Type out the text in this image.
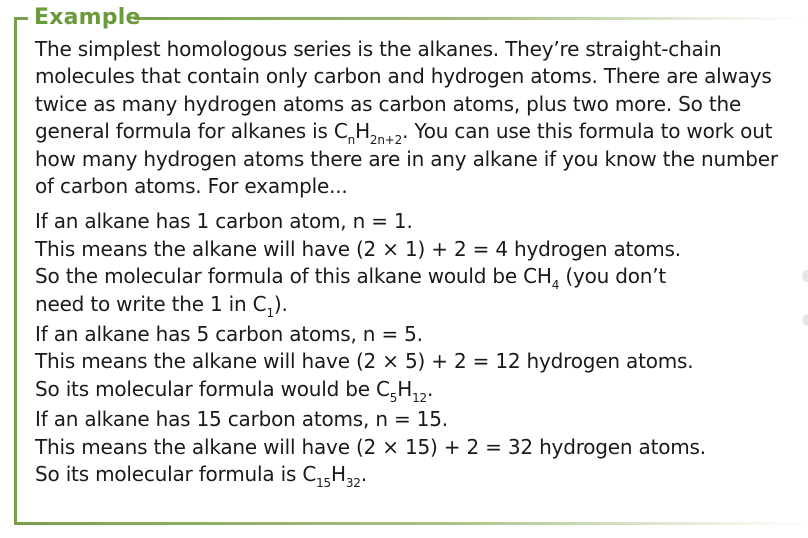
Example
The simplest homologous series is the alkanes. They’re straight-chain
molecules that contain only carbon and hydrogen atoms. There are always
twice as many hydrogen atoms as carbon atoms, plus two more. So the
general formula for alkanes is $C_nH_{2n+2}$. You can use this formula to work out
how many hydrogen atoms there are in any alkane if you know the number
of carbon atoms. For example...
If an alkane has 1 carbon atom, n = 1.
This means the alkane will have (2 × 1) + 2 = 4 hydrogen atoms.
So the molecular formula of this alkane would be $CH_4$ (you don’t
need to write the 1 in $C_1$).
If an alkane has 5 carbon atoms, n = 5.
This means the alkane will have (2 × 5) + 2 = 12 hydrogen atoms.
So its molecular formula would be $C_5H_{12}$.
If an alkane has 15 carbon atoms, n = 15.
This means the alkane will have (2 × 15) + 2 = 32 hydrogen atoms.
So its molecular formula is $C_{15}H_{32}$.
